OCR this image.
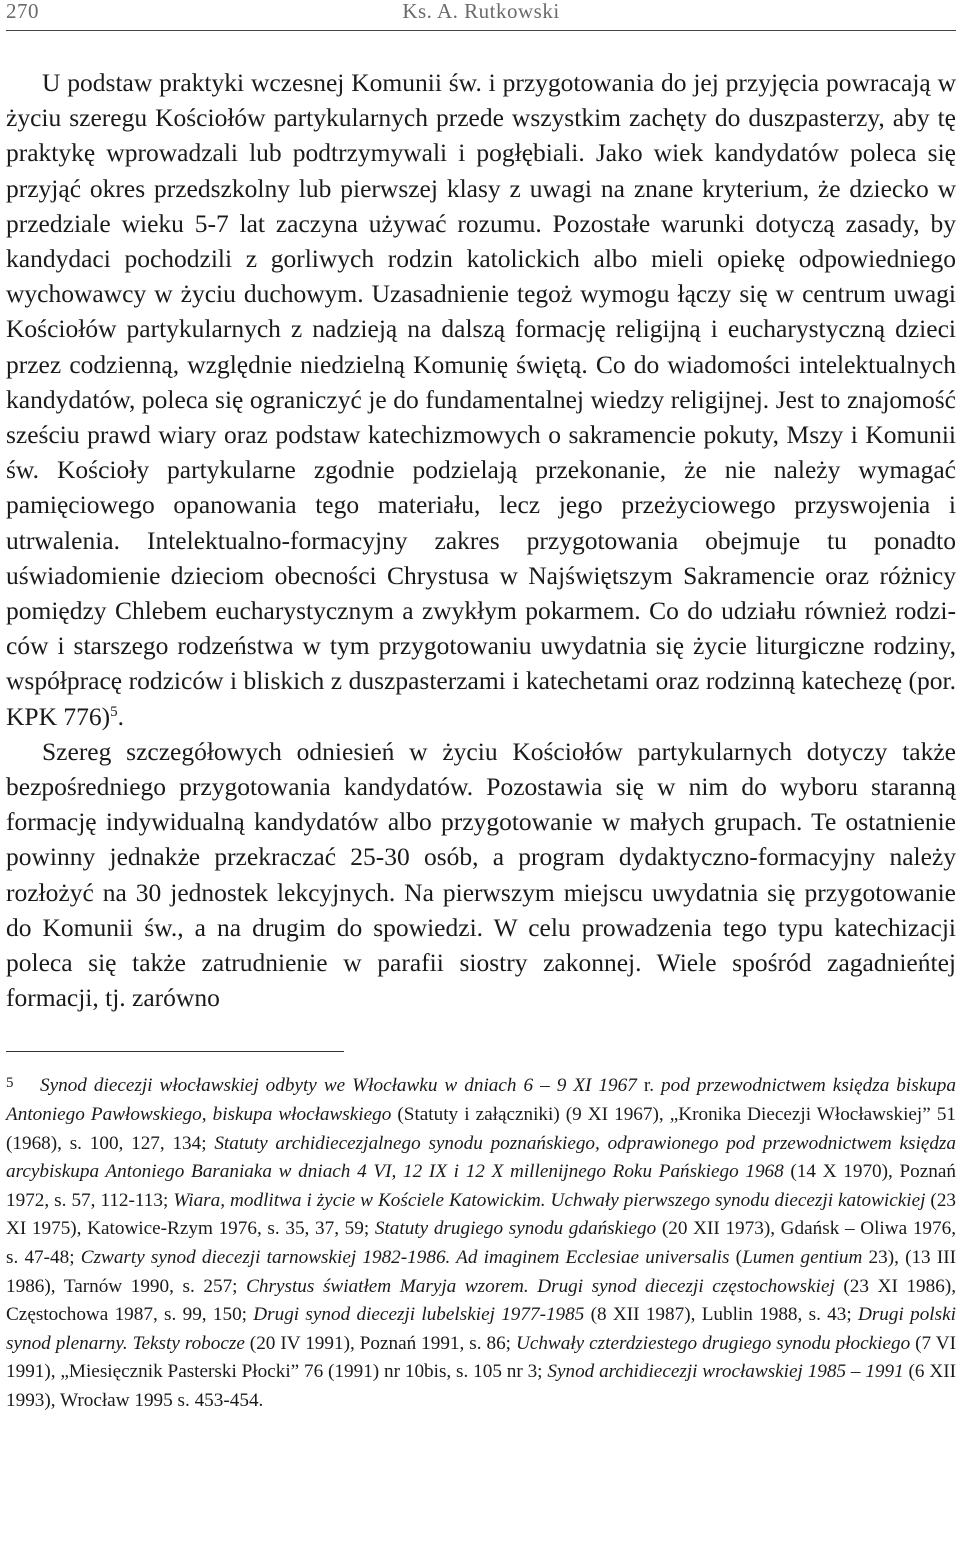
270	Ks. A. Rutkowski

U podstaw praktyki wczesnej Komunii św. i przygotowania do jej przyjęcia powracają w życiu szeregu Kościołów partykularnych przede wszystkim zachęty do duszpasterzy, aby tę praktykę wprowadzali lub podtrzymywali i pogłębiali. Jako wiek kandydatów poleca się przyjąć okres przedszkolny lub pierwszej klasy z uwagi na znane kryterium, że dziecko w przedziale wieku 5-7 lat zaczyna używać rozumu. Pozostałe warunki dotyczą zasady, by kandydaci pochodzili z gorliwych rodzin katolickich albo mieli opiekę odpowiedniego wychowawcy w życiu duchowym. Uzasadnienie tegoż wymogu łączy się w centrum uwagi Kościołów partykularnych z nadzieją na dalszą formację religijną i eucharystyczną dzieci przez codzienną, względnie niedzielną Komunię świętą. Co do wiadomości intelektualnych kandydatów, poleca się ograniczyć je do fundamentalnej wiedzy religijnej. Jest to znajomość sześciu prawd wiary oraz podstaw katechizmowych o sakramencie pokuty, Mszy i Komunii św. Kościoły partykularne zgodnie podzielają przekonanie, że nie należy wymagać pamięciowego opanowania tego materiału, lecz jego przeżyciowego przyswojenia i utrwalenia. Intelektualno-formacyjny zakres przygotowania obejmuje tu ponadto uświadomienie dzieciom obecności Chrystusa w Najświętszym Sakramencie oraz różnicy pomiędzy Chlebem eucharystycznym a zwykłym pokarmem. Co do udziału również rodziców i starszego rodzeństwa w tym przygotowaniu uwydatnia się życie liturgiczne rodziny, współpracę rodziców i bliskich z duszpasterzami i katechetami oraz rodzinną katechezę (por. KPK 776)$^5$.

Szereg szczegółowych odniesień w życiu Kościołów partykularnych dotyczy także bezpośredniego przygotowania kandydatów. Pozostawia się w nim do wyboru staranną formację indywidualną kandydatów albo przygotowanie w małych grupach. Te ostatnienie powinny jednakże przekraczać 25-30 osób, a program dydaktyczno-formacyjny należy rozłożyć na 30 jednostek lekcyjnych. Na pierwszym miejscu uwydatnia się przygotowanie do Komunii św., a na drugim do spowiedzi. W celu prowadzenia tego typu katechizacji poleca się także zatrudnienie w parafii siostry zakonnej. Wiele spośród zagadnieńtej formacji, tj. zarówno

5 Synod diecezji włocławskiej odbyty we Włocławku w dniach 6 – 9 XI 1967 r. pod przewodnictwem księdza biskupa Antoniego Pawłowskiego, biskupa włocławskiego (Statuty i załączniki) (9 XI 1967), „Kronika Diecezji Włocławskiej” 51 (1968), s. 100, 127, 134; Statuty archidiecezjalnego synodu poznańskiego, odprawionego pod przewodnictwem księdza arcybiskupa Antoniego Baraniaka w dniach 4 VI, 12 IX i 12 X millenijnego Roku Pańskiego 1968 (14 X 1970), Poznań 1972, s. 57, 112-113; Wiara, modlitwa i życie w Kościele Katowickim. Uchwały pierwszego synodu diecezji katowickiej (23 XI 1975), Katowice-Rzym 1976, s. 35, 37, 59; Statuty drugiego synodu gdańskiego (20 XII 1973), Gdańsk – Oliwa 1976, s. 47-48; Czwarty synod diecezji tarnowskiej 1982-1986. Ad imaginem Ecclesiae universalis (Lumen gentium 23), (13 III 1986), Tarnów 1990, s. 257; Chrystus światłem Maryja wzorem. Drugi synod diecezji częstochowskiej (23 XI 1986), Częstochowa 1987, s. 99, 150; Drugi synod diecezji lubelskiej 1977-1985 (8 XII 1987), Lublin 1988, s. 43; Drugi polski synod plenarny. Teksty robocze (20 IV 1991), Poznań 1991, s. 86; Uchwały czterdziestego drugiego synodu płockiego (7 VI 1991), „Miesięcznik Pasterski Płocki” 76 (1991) nr 10bis, s. 105 nr 3; Synod archidiecezji wrocławskiej 1985 – 1991 (6 XII 1993), Wrocław 1995 s. 453-454.
